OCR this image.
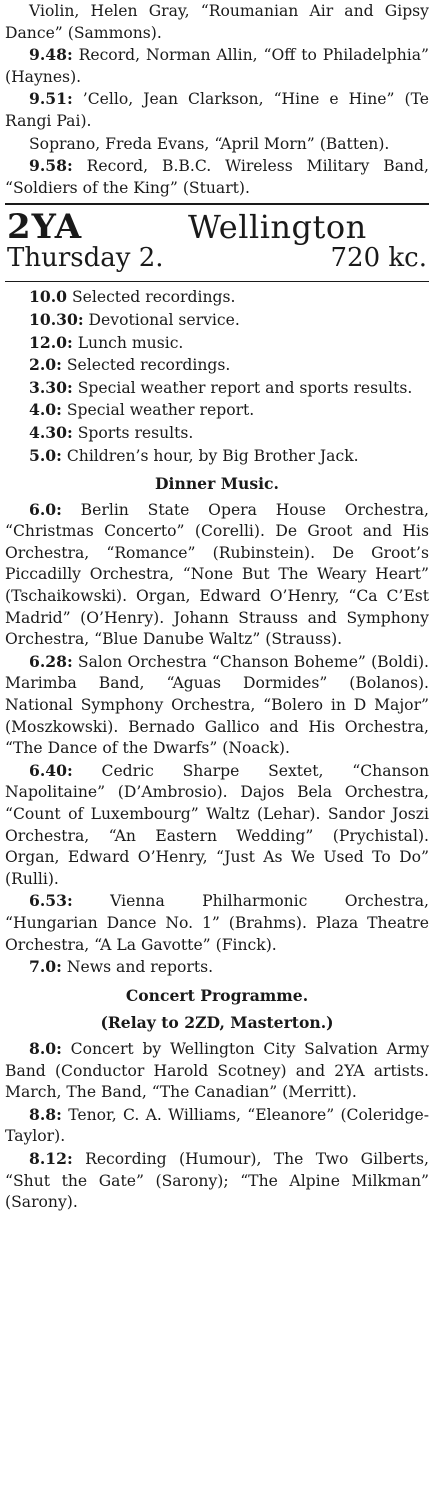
Violin, Helen Gray, “Roumanian Air and Gipsy Dance” (Sammons).

9.48: Record, Norman Allin, “Off to Philadelphia” (Haynes).

9.51: ’Cello, Jean Clarkson, “Hine e Hine” (Te Rangi Pai).

Soprano, Freda Evans, “April Morn” (Batten).

9.58: Record, B.B.C. Wireless Military Band, “Soldiers of the King” (Stuart).

2YA	Wellington
Thursday 2.	720 kc.

10.0 Selected recordings.

10.30: Devotional service.

12.0: Lunch music.

2.0: Selected recordings.

3.30: Special weather report and sports results.

4.0: Special weather report.

4.30: Sports results.

5.0: Children’s hour, by Big Brother Jack.

Dinner Music.

6.0: Berlin State Opera House Orchestra, “Christmas Concerto” (Corelli). De Groot and His Orchestra, “Romance” (Rubinstein). De Groot’s Piccadilly Orchestra, “None But The Weary Heart” (Tschaikowski). Organ, Edward O’Henry, “Ca C’Est Madrid” (O’Henry). Johann Strauss and Symphony Orchestra, “Blue Danube Waltz” (Strauss).

6.28: Salon Orchestra “Chanson Boheme” (Boldi). Marimba Band, “Aguas Dormides” (Bolanos). National Symphony Orchestra, “Bolero in D Major” (Moszkowski). Bernado Gallico and His Orchestra, “The Dance of the Dwarfs” (Noack).

6.40: Cedric Sharpe Sextet, “Chanson Napolitaine” (D’Ambrosio). Dajos Bela Orchestra, “Count of Luxembourg” Waltz (Lehar). Sandor Joszi Orchestra, “An Eastern Wedding” (Prychistal). Organ, Edward O’Henry, “Just As We Used To Do” (Rulli).

6.53: Vienna Philharmonic Orchestra, “Hungarian Dance No. 1” (Brahms). Plaza Theatre Orchestra, “A La Gavotte” (Finck).

7.0: News and reports.

Concert Programme.
(Relay to 2ZD, Masterton.)

8.0: Concert by Wellington City Salvation Army Band (Conductor Harold Scotney) and 2YA artists. March, The Band, “The Canadian” (Merritt).

8.8: Tenor, C. A. Williams, “Eleanore” (Coleridge-Taylor).

8.12: Recording (Humour), The Two Gilberts, “Shut the Gate” (Sarony); “The Alpine Milkman” (Sarony).
